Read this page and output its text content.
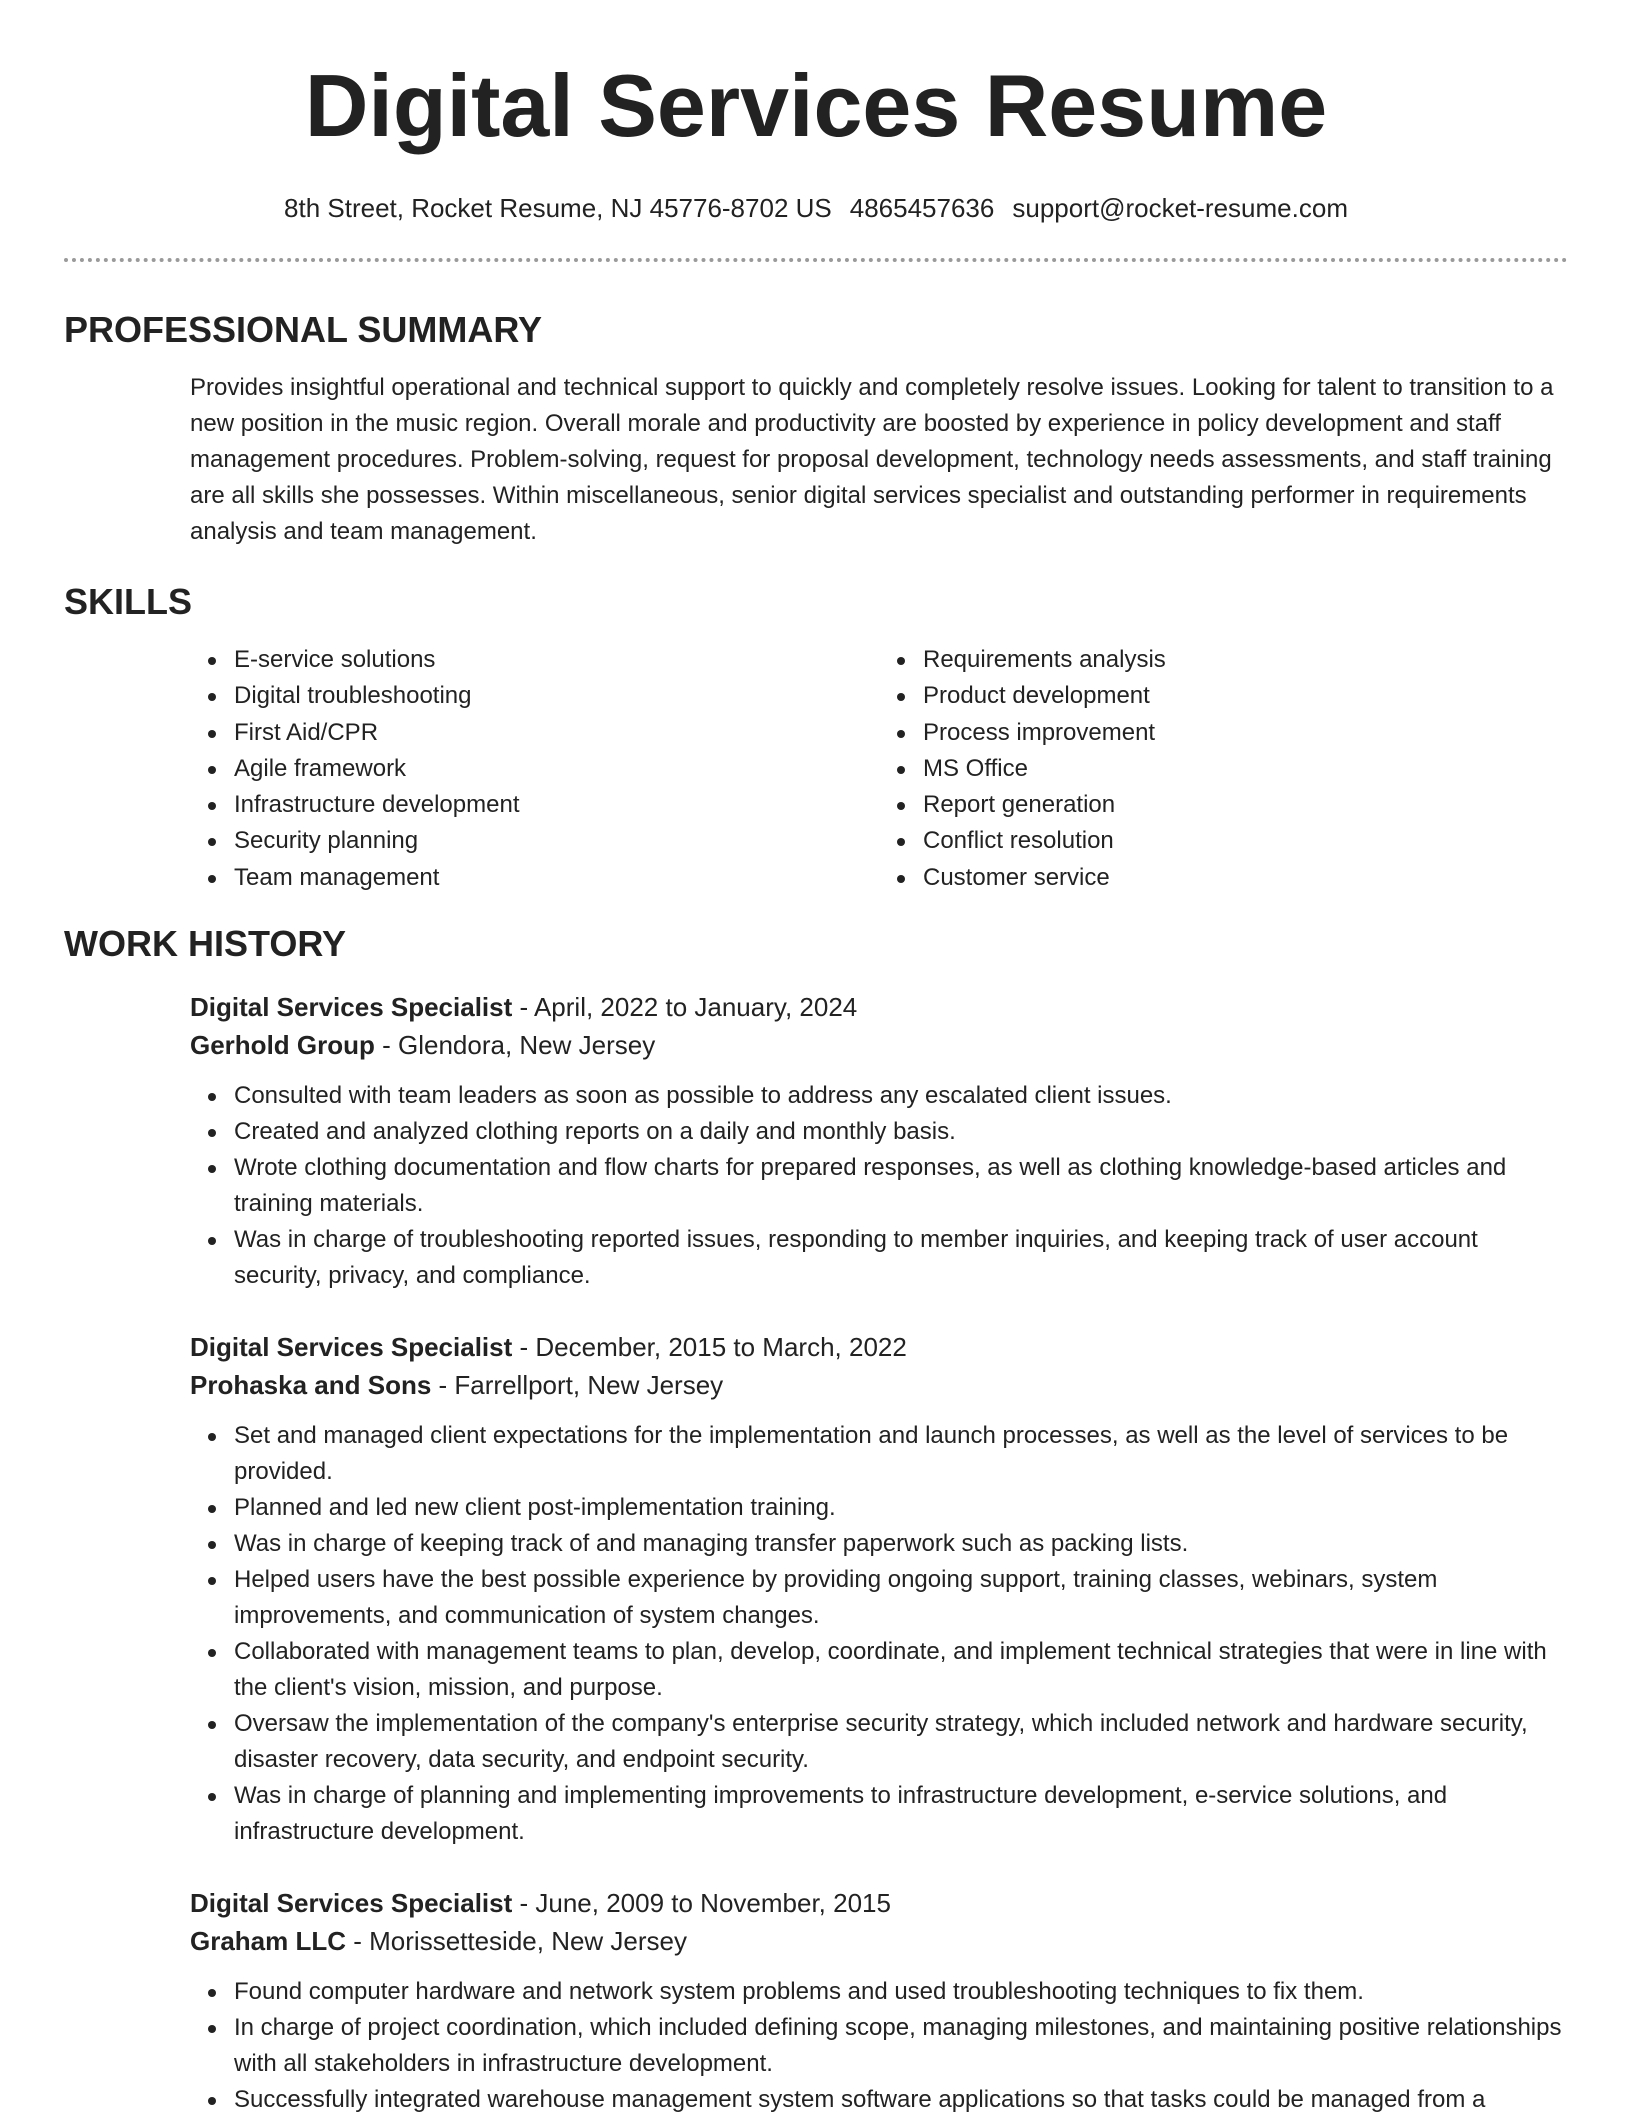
Digital Services Resume
8th Street, Rocket Resume, NJ 45776-8702 US 4865457636 support@rocket-resume.com
PROFESSIONAL SUMMARY
Provides insightful operational and technical support to quickly and completely resolve issues. Looking for talent to transition to a new position in the music region. Overall morale and productivity are boosted by experience in policy development and staff management procedures. Problem-solving, request for proposal development, technology needs assessments, and staff training are all skills she possesses. Within miscellaneous, senior digital services specialist and outstanding performer in requirements analysis and team management.
SKILLS
E-service solutions
Digital troubleshooting
First Aid/CPR
Agile framework
Infrastructure development
Security planning
Team management
Requirements analysis
Product development
Process improvement
MS Office
Report generation
Conflict resolution
Customer service
WORK HISTORY
Digital Services Specialist - April, 2022 to January, 2024
Gerhold Group - Glendora, New Jersey
Consulted with team leaders as soon as possible to address any escalated client issues.
Created and analyzed clothing reports on a daily and monthly basis.
Wrote clothing documentation and flow charts for prepared responses, as well as clothing knowledge-based articles and training materials.
Was in charge of troubleshooting reported issues, responding to member inquiries, and keeping track of user account security, privacy, and compliance.
Digital Services Specialist - December, 2015 to March, 2022
Prohaska and Sons - Farrellport, New Jersey
Set and managed client expectations for the implementation and launch processes, as well as the level of services to be provided.
Planned and led new client post-implementation training.
Was in charge of keeping track of and managing transfer paperwork such as packing lists.
Helped users have the best possible experience by providing ongoing support, training classes, webinars, system improvements, and communication of system changes.
Collaborated with management teams to plan, develop, coordinate, and implement technical strategies that were in line with the client's vision, mission, and purpose.
Oversaw the implementation of the company's enterprise security strategy, which included network and hardware security, disaster recovery, data security, and endpoint security.
Was in charge of planning and implementing improvements to infrastructure development, e-service solutions, and infrastructure development.
Digital Services Specialist - June, 2009 to November, 2015
Graham LLC - Morissetteside, New Jersey
Found computer hardware and network system problems and used troubleshooting techniques to fix them.
In charge of project coordination, which included defining scope, managing milestones, and maintaining positive relationships with all stakeholders in infrastructure development.
Successfully integrated warehouse management system software applications so that tasks could be managed from a
